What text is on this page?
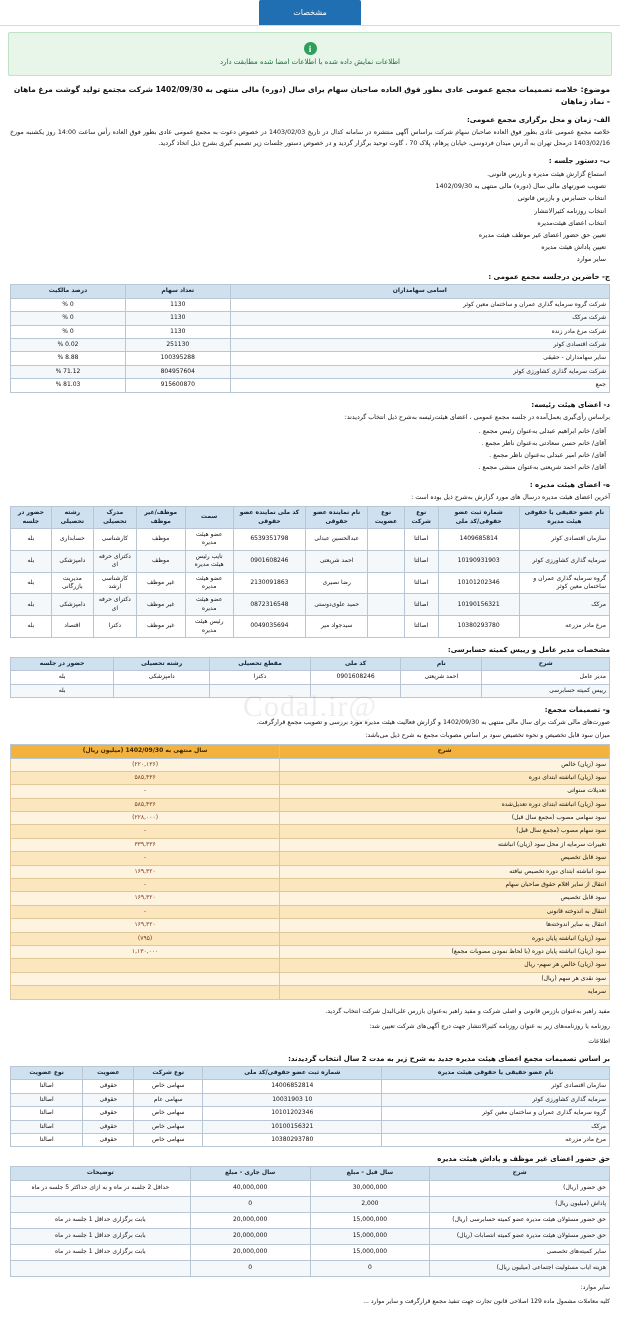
مشخصات
i
اطلاعات نمایش داده شده با اطلاعات امضا شده مطابقت دارد
@Codal.ir
موضوع: خلاصه تصمیمات مجمع عمومی عادی بطور فوق العاده صاحبان سهام برای سال (دوره) مالی منتهی به 1402/09/30 شرکت مجتمع تولید گوشت مرغ ماهان - نماد زماهان
الف- زمان و محل برگزاری مجمع عمومی:
خلاصه مجمع عمومی عادی بطور فوق العاده صاحبان سهام شرکت براساس آگهی منتشره در سامانه کدال در تاریخ 1403/02/03 در خصوص دعوت به مجمع عمومی عادی بطور فوق العاده رأس ساعت 14:00 روز یکشنبه مورخ 1403/02/16 درمحل تهران به آدرس میدان فردوسی، خیابان پرهام، پلاک 70 ، گاوت توحید برگزار گردید و در خصوص دستور جلسات زیر تصمیم گیری بشرح ذیل اتخاذ گردید.
ب- دستور جلسه :
استماع گزارش هیئت مدیره و بازرس قانونی.
تصویب صورتهای مالی سال (دوره) مالی منتهی به 1402/09/30
انتخاب حسابرس و بازرس قانونی
انتخاب روزنامه کثیرالانتشار
انتخاب اعضای هیئت‌مدیره
تعیین حق حضور اعضای غیر موظف هیئت مدیره
تعیین پاداش هیئت مدیره
سایر موارد
ج- حاضرین درجلسه مجمع عمومی :
اسامی سهامداران	تعداد سهام	درصد مالکیت
شرکت گروه سرمایه گذاری عمران و ساختمان معین کوثر	1130	0 %
شرکت مرکک	1130	0 %
شرکت مرغ مادر زنده	1130	0 %
شرکت اقتصادی کوثر	251130	0.02 %
سایر سهامداران - حقیقی	100395288	8.88 %
شرکت سرمایه گذاری کشاورزی کوثر	804957604	71.12 %
جمع	915600870	81.03 %
د- اعضای هیئت رئیسه:
براساس رأی‌گیری بعمل‌آمده در جلسه مجمع عمومی ، اعضای هیئت‌رئیسه به‌شرح ذیل انتخاب گردیدند:
آقای/ خانم ابراهیم عبدلی به‌عنوان رئیس مجمع .
آقای/ خانم حسن سعادتی به‌عنوان ناظر مجمع .
آقای/ خانم امیر عبدلی به‌عنوان ناظر مجمع .
آقای/ خانم احمد شریعتی به‌عنوان منشی مجمع .
ه- اعضای هیئت مدیره :
آخرین اعضای هیئت مدیره درسال های مورد گزارش به‌شرح ذیل بوده است :
نام عضو حقیقی یا حقوقی هیئت مدیره	شماره ثبت عضو حقوقی/کد ملی	نوع شرکت	نوع عضویت	نام نماینده عضو حقوقی	کد ملی نماینده عضو حقوقی	سمت	موظف/غیر موظف	مدرک تحصیلی	رشته تحصیلی	حضور در جلسه
سازمان اقتصادی کوثر	1409685814	اصالتا		عبدالحسین عبدلی	6539351798	عضو هیئت مدیره	موظف	کارشناسی	حسابداری	بله
سرمایه گذاری کشاورزی کوثر	10190931903	اصالتا		احمد شریعتی	0901608246	نایب رئیس هیئت مدیره	موظف	دکترای حرفه ای	دامپزشکی	بله
گروه سرمایه گذاری عمران و ساختمان معین کوثر	10101202346	اصالتا		رضا نصیری	2130091863	عضو هیئت مدیره	غیر موظف	کارشناسی ارشد	مدیریت بازرگانی	بله
مرکک	10190156321	اصالتا		حمید علوی‌دوستی	0872316548	عضو هیئت مدیره	غیر موظف	دکترای حرفه ای	دامپزشکی	بله
مرغ مادر مزرعه	10380293780	اصالتا		سیدجواد میر	0049035694	رئیس هیئت مدیره	غیر موظف	دکترا	اقتصاد	بله
مشخصات مدیر عامل و رییس کمیته حسابرسی:
شرح	نام	کد ملی	مقطع تحصیلی	رشته تحصیلی	حضور در جلسه
مدیر عامل	احمد شریعتی	0901608246	دکترا	دامپزشکی	بله
رییس کمیته حسابرسی					بله
و- تصمیمات مجمع:
صورت‌های مالی شرکت برای سال مالی منتهی به 1402/09/30 و گزارش فعالیت هیئت مدیره مورد بررسی و تصویب مجمع قرارگرفت.
میزان سود قابل تخصیص و نحوه تخصیص سود بر اساس مصوبات مجمع به شرح ذیل می‌باشد:
شرح	سال منتهی به 1402/09/30 (میلیون ریال)
سود (زیان) خالص	(۲۲۰,۱۳۶)
سود (زیان) انباشته ابتدای دوره	۵۸۵,۴۳۶
تعدیلات سنواتی	-
سود (زیان) انباشته ابتدای دوره تعدیل‌شده	۵۸۵,۴۳۶
سود سهامی مصوب (مجمع سال قبل)	(۲۲۸,۰۰۰)
سود سهام مصوب (مجمع سال قبل)	-
تغییرات سرمایه از محل سود (زیان) انباشته	۳۳۹,۳۳۶
سود قابل تخصیص	-
سود انباشته ابتدای دوره تخصیص نیافته	۱۶۹,۳۲۰
انتقال از سایر اقلام حقوق صاحبان سهام	-
سود قابل تخصیص	۱۶۹,۳۲۰
انتقال به اندوخته قانونی	-
انتقال به سایر اندوخته‌ها	۱۶۹,۳۲۰
سود (زیان) انباشته پایان دوره	(۷۹۵)
سود (زیان) انباشته پایان دوره (با لحاظ نمودن مصوبات مجمع)	۱,۱۳۰,۰۰۰
سود (زیان) خالص هر سهم- ریال	
سود نقدی هر سهم (ریال)	
سرمایه	
مفید راهبر به‌عنوان بازرس قانونی و اصلی شرکت و مفید راهبر به‌عنوان بازرس علی‌البدل شرکت انتخاب گردید.
روزنامه یا روزنامه‌های زیر به عنوان روزنامه کثیرالانتشار جهت درج آگهی‌های شرکت تعیین شد:
اطلاعات
بر اساس تصمیمات مجمع اعضای هیئت مدیره جدید به شرح زیر به مدت 2 سال انتخاب گردیدند:
نام عضو حقیقی یا حقوقی هیئت مدیره	شماره ثبت عضو حقوقی/کد ملی	نوع شرکت	عضویت	نوع عضویت
سازمان اقتصادی کوثر	14006852814	سهامی خاص	حقوقی	اصالتا
سرمایه گذاری کشاورزی کوثر	10 10031903	سهامی عام	حقوقی	اصالتا
گروه سرمایه گذاری عمران و ساختمان معین کوثر	10101202346	سهامی خاص	حقوقی	اصالتا
مرکک	10100156321	سهامی خاص	حقوقی	اصالتا
مرغ مادر مزرعه	10380293780	سهامی خاص	حقوقی	اصالتا
حق حضور اعضای غیر موظف و پاداش هیئت مدیره
شرح	سال قبل - مبلغ	سال جاری - مبلغ	توضیحات
حق حضور (ریال)	30,000,000	40,000,000	حداقل 2 جلسه در ماه و به ازای حداکثر 5 جلسه در ماه
پاداش (میلیون ریال)	2,000	0	
حق حضور مسئولان هیئت مدیره عضو کمیته حسابرسی (ریال)	15,000,000	20,000,000	بابت برگزاری حداقل 1 جلسه در ماه
حق حضور مسئولان هیئت مدیره عضو کمیته انتصابات (ریال)	15,000,000	20,000,000	بابت برگزاری حداقل 1 جلسه در ماه
سایر کمیته‌های تخصصی	15,000,000	20,000,000	بابت برگزاری حداقل 1 جلسه در ماه
هزینه ایاب مسئولیت اجتماعی (میلیون ریال)	0	0	
سایر موارد:
کلیه معاملات مشمول ماده 129 اصلاحی قانون تجارت جهت تنفیذ مجمع قرارگرفت و سایر موارد ...
